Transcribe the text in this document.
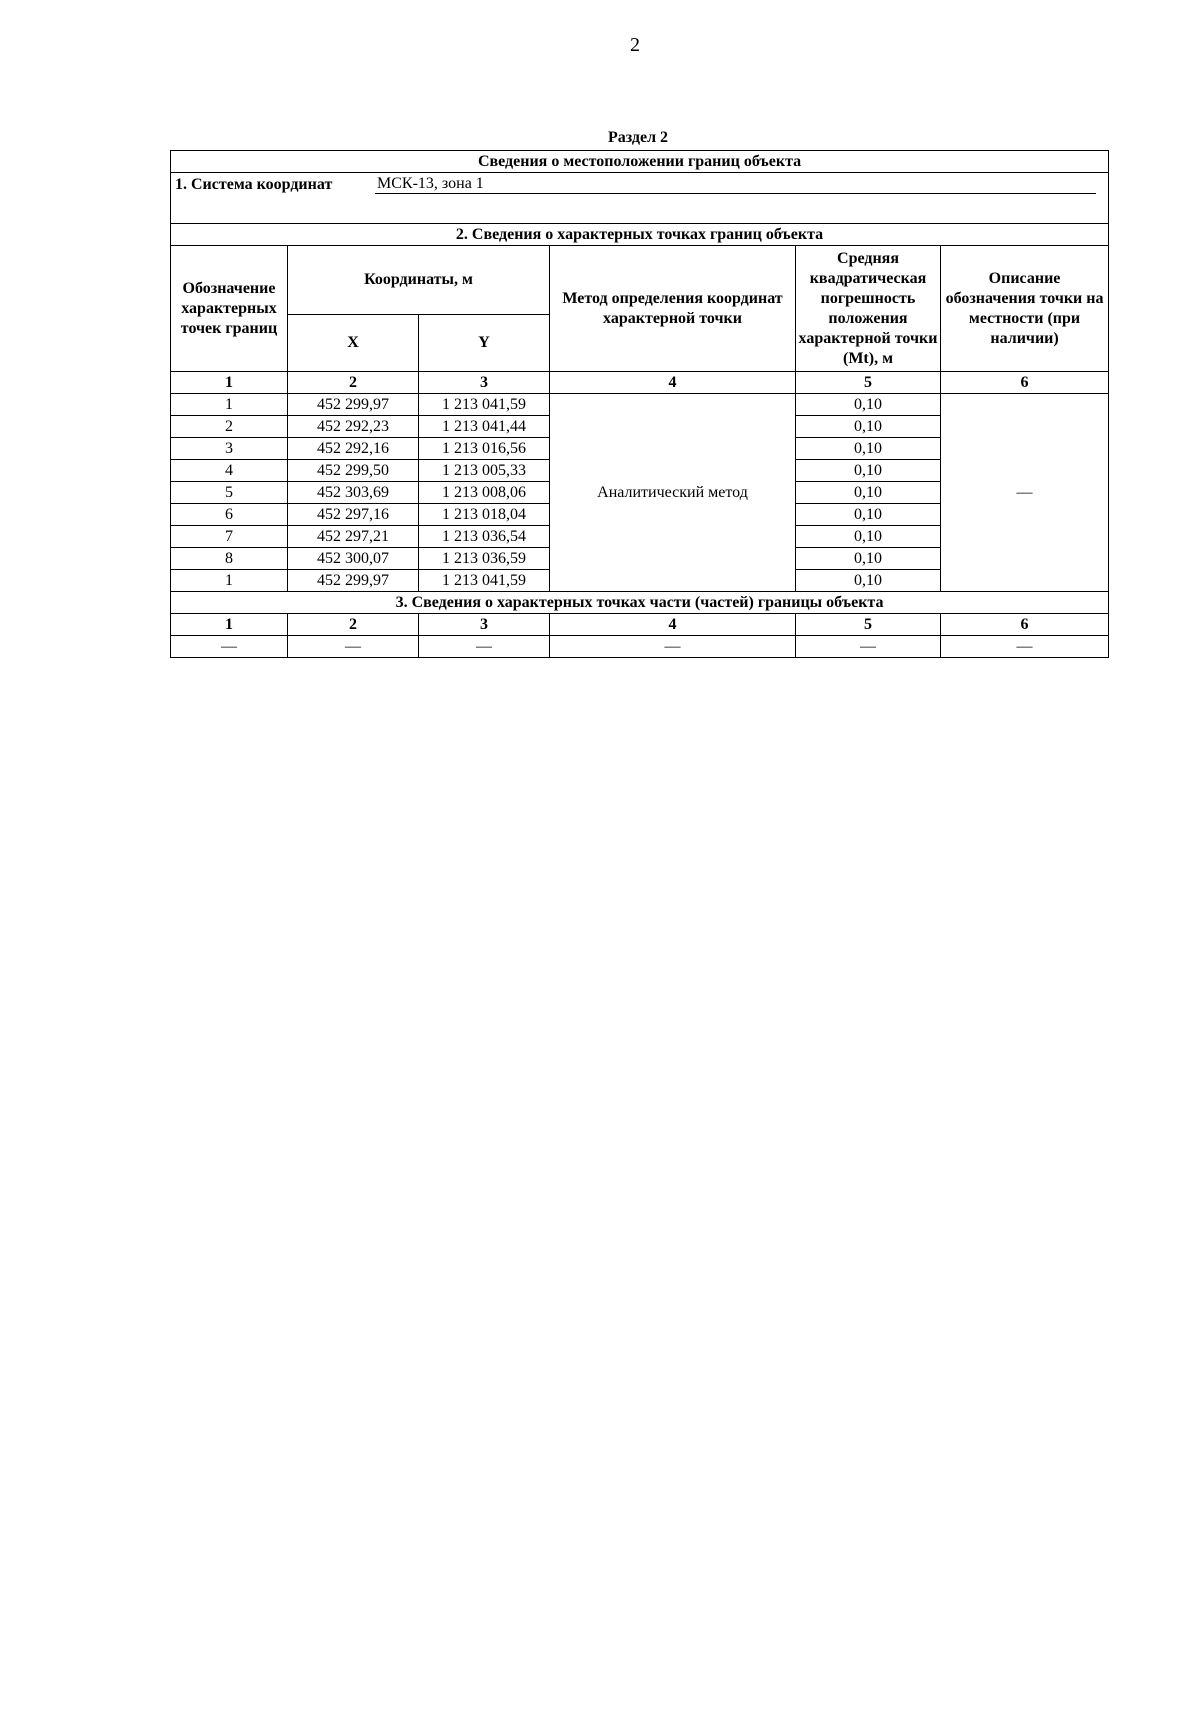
2
Раздел 2
Сведения о местоположении границ объекта					

1. Система координат МСК-13, зона 1					

2. Сведения о характерных точках границ объекта					
Обозначение характерных точек границ	Координаты, м		Метод определения координат характерной точки	Средняя квадратическая погрешность положения характерной точки (Mt), м	Описание обозначения точки на местности (при наличии)
	X	Y			
1	2	3	4	5	6
1	452 299,97	1 213 041,59	Аналитический метод	0,10	—
2	452 292,23	1 213 041,44		0,10	
3	452 292,16	1 213 016,56		0,10	
4	452 299,50	1 213 005,33		0,10	
5	452 303,69	1 213 008,06		0,10	
6	452 297,16	1 213 018,04		0,10	
7	452 297,21	1 213 036,54		0,10	
8	452 300,07	1 213 036,59		0,10	
1	452 299,97	1 213 041,59		0,10	
3. Сведения о характерных точках части (частей) границы объекта					
1	2	3	4	5	6
—	—	—	—	—	—
